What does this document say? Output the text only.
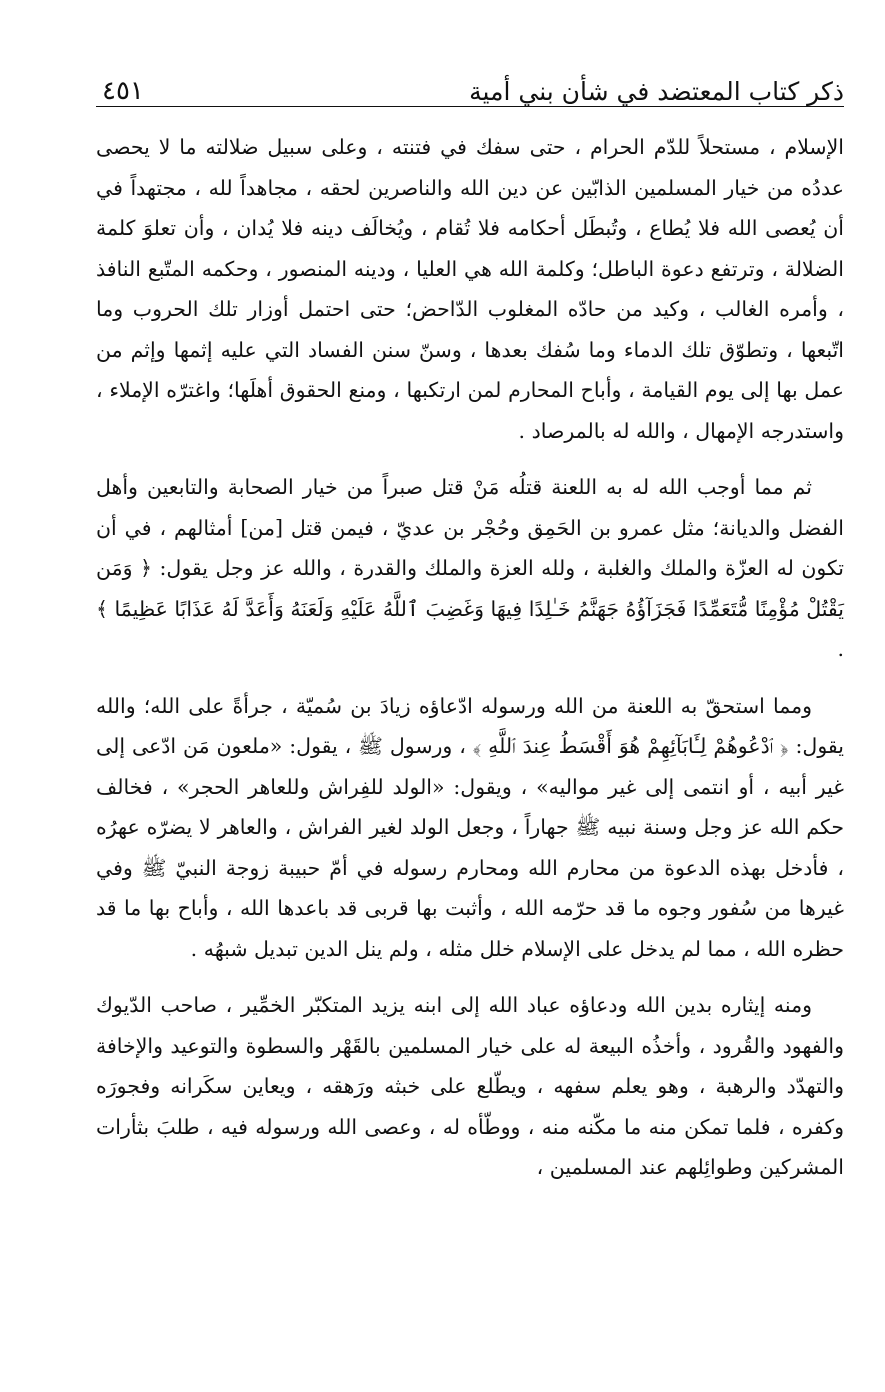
ذكر كتاب المعتضد في شأن بني أمية
٤٥١

الإسلام ، مستحلاً للدّم الحرام ، حتى سفك في فتنته ، وعلى سبيل ضلالته ما لا يحصى عددُه من خيار المسلمين الذابّين عن دين الله والناصرين لحقه ، مجاهداً لله ، مجتهداً في أن يُعصى الله فلا يُطاع ، وتُبطَل أحكامه فلا تُقام ، ويُخالَف دينه فلا يُدان ، وأن تعلوَ كلمة الضلالة ، وترتفع دعوة الباطل؛ وكلمة الله هي العليا ، ودينه المنصور ، وحكمه المتّبع النافذ ، وأمره الغالب ، وكيد من حادّه المغلوب الدّاحض؛ حتى احتمل أوزار تلك الحروب وما اتّبعها ، وتطوّق تلك الدماء وما سُفك بعدها ، وسنّ سنن الفساد التي عليه إثمها وإثم من عمل بها إلى يوم القيامة ، وأباح المحارم لمن ارتكبها ، ومنع الحقوق أهلَها؛ واغترّه الإملاء ، واستدرجه الإمهال ، والله له بالمرصاد .

ثم مما أوجب الله له به اللعنة قتلُه مَنْ قتل صبراً من خيار الصحابة والتابعين وأهل الفضل والديانة؛ مثل عمرو بن الحَمِق وحُجْر بن عديّ ، فيمن قتل [من] أمثالهم ، في أن تكون له العزّة والملك والغلبة ، ولله العزة والملك والقدرة ، والله عز وجل يقول: ﴿ وَمَن يَقْتُلْ مُؤْمِنًا مُّتَعَمِّدًا فَجَزَآؤُهُ جَهَنَّمُ خَـٰلِدًا فِيهَا وَغَضِبَ ٱللَّهُ عَلَيْهِ وَلَعَنَهُ وَأَعَدَّ لَهُ عَذَابًا عَظِيمًا ﴾ .

ومما استحقّ به اللعنة من الله ورسوله ادّعاؤه زيادَ بن سُميّة ، جرأةً على الله؛ والله يقول: ﴿ ٱدْعُوهُمْ لِـَٔابَآئِهِمْ هُوَ أَقْسَطُ عِندَ ٱللَّهِ ﴾ ، ورسول ﷺ ، يقول: «ملعون مَن ادّعى إلى غير أبيه ، أو انتمى إلى غير مواليه» ، ويقول: «الولد للفِراش وللعاهر الحجر» ، فخالف حكم الله عز وجل وسنة نبيه ﷺ جهاراً ، وجعل الولد لغير الفراش ، والعاهر لا يضرّه عهرُه ، فأدخل بهذه الدعوة من محارم الله ومحارم رسوله في أمّ حبيبة زوجة النبيّ ﷺ وفي غيرها من سُفور وجوه ما قد حرّمه الله ، وأثبت بها قربى قد باعدها الله ، وأباح بها ما قد حظره الله ، مما لم يدخل على الإسلام خلل مثله ، ولم ينل الدين تبديل شبهُه .

ومنه إيثاره بدين الله ودعاؤه عباد الله إلى ابنه يزيد المتكبّر الخمِّير ، صاحب الدّيوك والفهود والقُرود ، وأخذُه البيعة له على خيار المسلمين بالقَهْر والسطوة والتوعيد والإخافة والتهدّد والرهبة ، وهو يعلم سفهه ، ويطّلع على خبثه ورَهقه ، ويعاين سكَرانه وفجورَه وكفره ، فلما تمكن منه ما مكّنه منه ، ووطّأه له ، وعصى الله ورسوله فيه ، طلبَ بثأرات المشركين وطوائِلهم عند المسلمين ،
